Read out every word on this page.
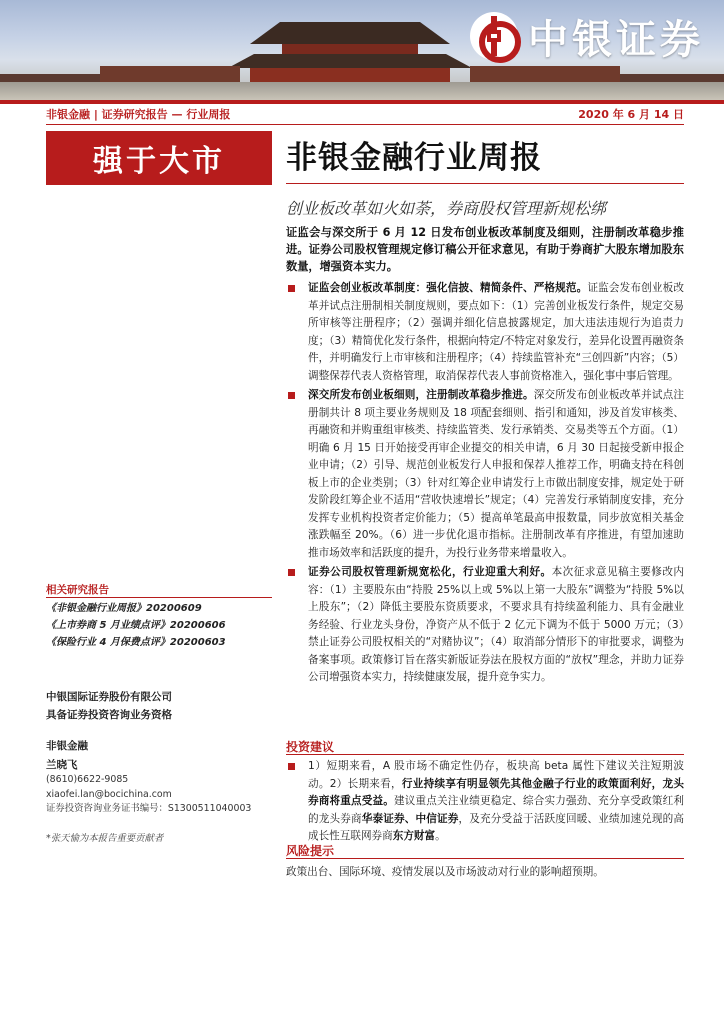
中银证券
非银金融 | 证券研究报告 — 行业周报	2020 年 6 月 14 日
强于大市	非银金融行业周报
创业板改革如火如荼，券商股权管理新规松绑
证监会与深交所于 6 月 12 日发布创业板改革制度及细则，注册制改革稳步推进。证券公司股权管理规定修订稿公开征求意见，有助于券商扩大股东增加股东数量，增强资本实力。
证监会创业板改革制度：强化信披、精简条件、严格规范。证监会发布创业板改革并试点注册制相关制度规则，要点如下：（1）完善创业板发行条件，规定交易所审核等注册程序；（2）强调并细化信息披露规定，加大违法违规行为追责力度；（3）精简优化发行条件，根据向特定/不特定对象发行，差异化设置再融资条件，并明确发行上市审核和注册程序；（4）持续监管补充“三创四新”内容；（5）调整保荐代表人资格管理，取消保荐代表人事前资格准入，强化事中事后管理。
深交所发布创业板细则，注册制改革稳步推进。深交所发布创业板改革并试点注册制共计 8 项主要业务规则及 18 项配套细则、指引和通知，涉及首发审核类、再融资和并购重组审核类、持续监管类、发行承销类、交易类等五个方面。（1）明确 6 月 15 日开始接受再审企业提交的相关申请，6 月 30 日起接受新申报企业申请；（2）引导、规范创业板发行人申报和保荐人推荐工作，明确支持在科创板上市的企业类别；（3）针对红筹企业申请发行上市做出制度安排，规定处于研发阶段红筹企业不适用“营收快速增长”规定；（4）完善发行承销制度安排，充分发挥专业机构投资者定价能力；（5）提高单笔最高申报数量，同步放宽相关基金涨跌幅至 20%。（6）进一步优化退市指标。注册制改革有序推进，有望加速助推市场效率和活跃度的提升，为投行业务带来增量收入。
证券公司股权管理新规宽松化，行业迎重大利好。本次征求意见稿主要修改内容：（1）主要股东由“持股 25%以上或 5%以上第一大股东”调整为“持股 5%以上股东”；（2）降低主要股东资质要求，不要求具有持续盈利能力、具有金融业务经验、行业龙头身份，净资产从不低于 2 亿元下调为不低于 5000 万元；（3）禁止证券公司股权相关的“对赌协议”；（4）取消部分情形下的审批要求，调整为备案事项。政策修订旨在落实新版证券法在股权方面的“放权”理念，并助力证券公司增强资本实力，持续健康发展，提升竞争实力。
投资建议
1）短期来看，A 股市场不确定性仍存，板块高 beta 属性下建议关注短期波动。2）长期来看，行业持续享有明显领先其他金融子行业的政策面利好，龙头券商将重点受益。建议重点关注业绩更稳定、综合实力强劲、充分享受政策红利的龙头券商华泰证券、中信证券，及充分受益于活跃度回暖、业绩加速兑现的高成长性互联网券商东方财富。
风险提示
政策出台、国际环境、疫情发展以及市场波动对行业的影响超预期。
相关研究报告
《非银金融行业周报》20200609
《上市券商 5 月业绩点评》20200606
《保险行业 4 月保费点评》20200603
中银国际证券股份有限公司
具备证券投资咨询业务资格
非银金融
兰晓飞
(8610)6622-9085
xiaofei.lan@bocichina.com
证券投资咨询业务证书编号：S1300511040003
*张天愉为本报告重要贡献者
